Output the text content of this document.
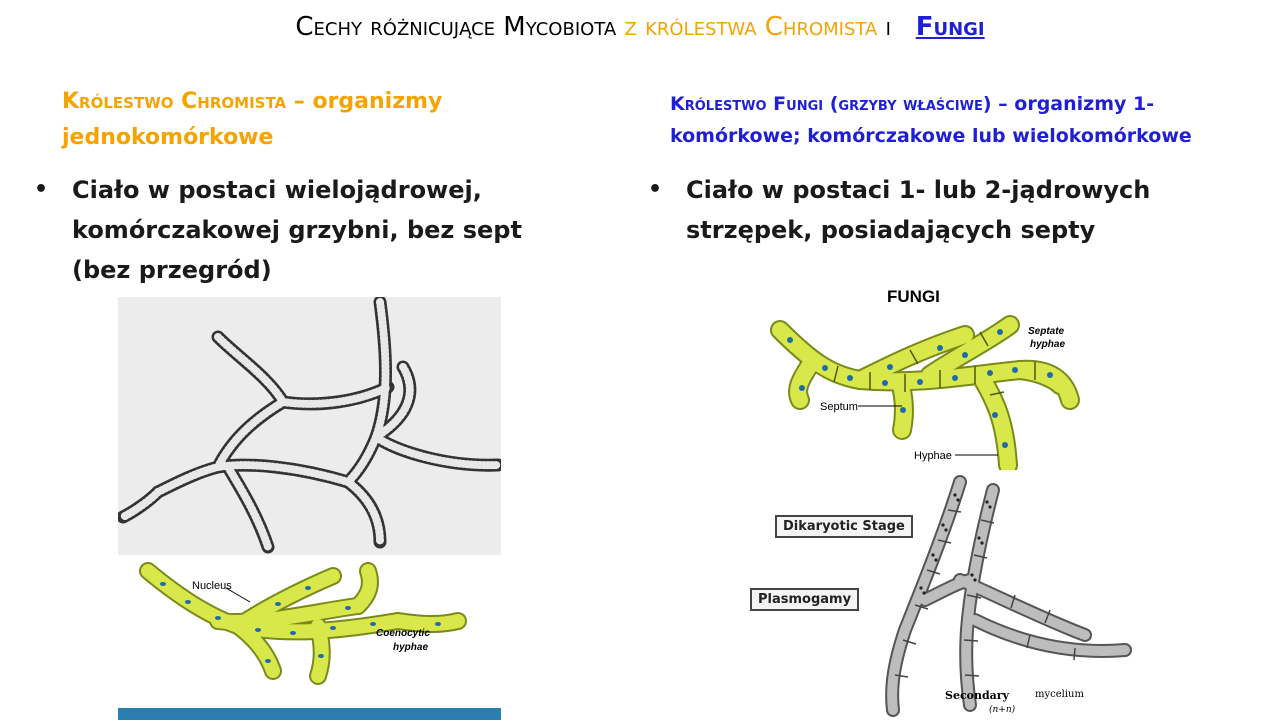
Cechy różnicujące Mycobiota z królestwa Chromista i Fungi
Królestwo Chromista – organizmy jednokomórkowe
• Ciało w postaci wielojądrowej, komórczakowej grzybni, bez sept (bez przegród)
Królestwo Fungi (grzyby właściwe) – organizmy 1-komórkowe; komórczakowe lub wielokomórkowe
• Ciało w postaci 1- lub 2-jądrowych strzępek, posiadających septy
Nucleus
Coenocytic
hyphae
FUNGI
Septum
Hyphae
Septate
hyphae
Secondary	mycelium
(n+n)
Dikaryotic Stage
Plasmogamy
